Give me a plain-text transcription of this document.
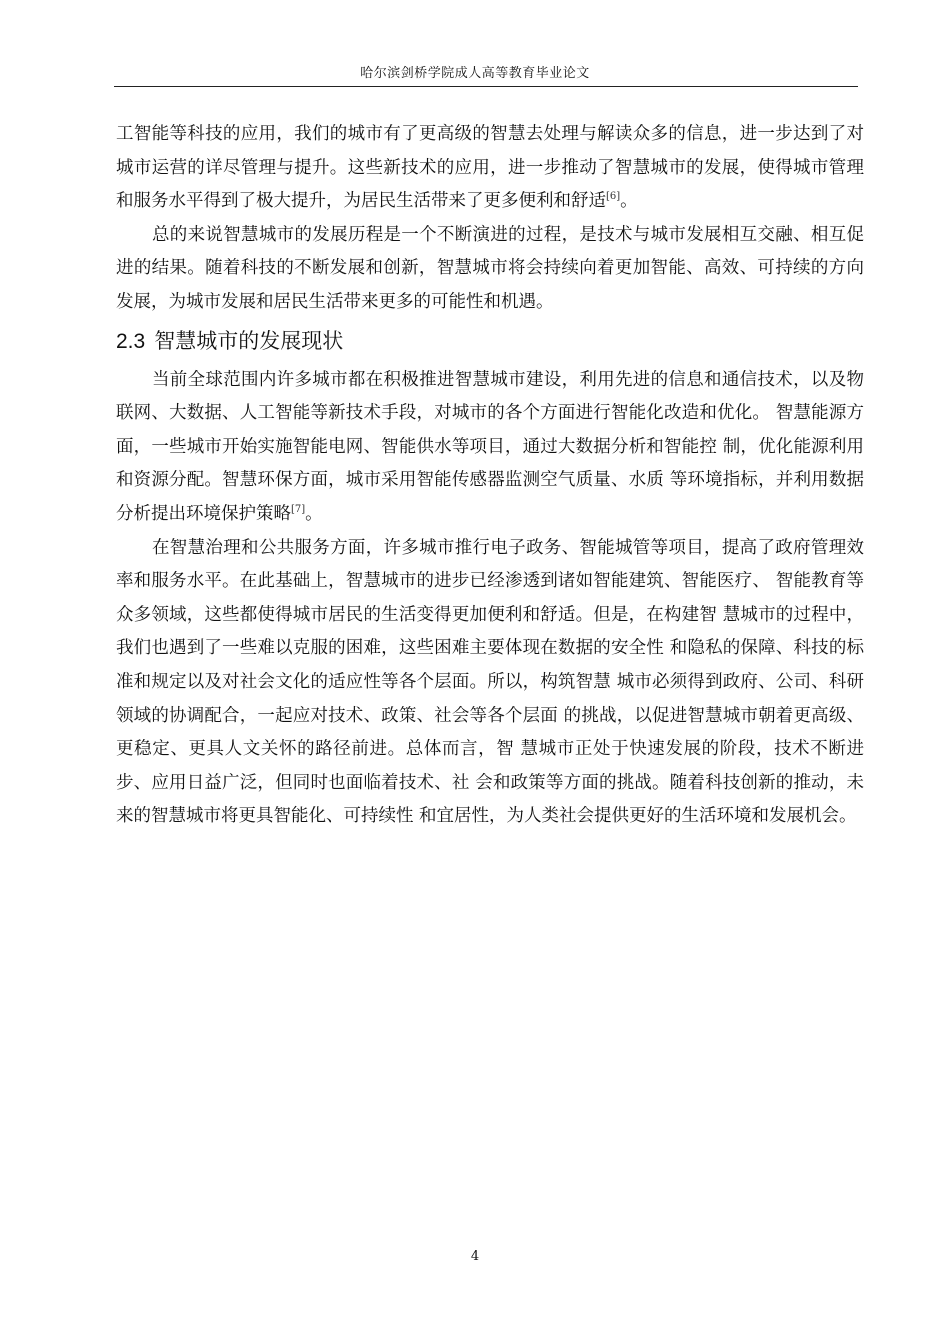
哈尔滨剑桥学院成人高等教育毕业论文

工智能等科技的应用，我们的城市有了更高级的智慧去处理与解读众多的信息，进一步达到了对城市运营的详尽管理与提升。这些新技术的应用，进一步推动了智慧城市的发展，使得城市管理和服务水平得到了极大提升，为居民生活带来了更多便利和舒适[6]。

总的来说智慧城市的发展历程是一个不断演进的过程，是技术与城市发展相互交融、相互促进的结果。随着科技的不断发展和创新，智慧城市将会持续向着更加智能、高效、可持续的方向发展，为城市发展和居民生活带来更多的可能性和机遇。

2.3 智慧城市的发展现状

当前全球范围内许多城市都在积极推进智慧城市建设，利用先进的信息和通信技术，以及物联网、大数据、人工智能等新技术手段，对城市的各个方面进行智能化改造和优化。 智慧能源方面，一些城市开始实施智能电网、智能供水等项目，通过大数据分析和智能控 制，优化能源利用和资源分配。智慧环保方面，城市采用智能传感器监测空气质量、水质 等环境指标，并利用数据分析提出环境保护策略[7]。

在智慧治理和公共服务方面，许多城市推行电子政务、智能城管等项目，提高了政府管理效率和服务水平。在此基础上，智慧城市的进步已经渗透到诸如智能建筑、智能医疗、 智能教育等众多领域，这些都使得城市居民的生活变得更加便利和舒适。但是，在构建智 慧城市的过程中，我们也遇到了一些难以克服的困难，这些困难主要体现在数据的安全性 和隐私的保障、科技的标准和规定以及对社会文化的适应性等各个层面。所以，构筑智慧 城市必须得到政府、公司、科研领域的协调配合，一起应对技术、政策、社会等各个层面 的挑战，以促进智慧城市朝着更高级、更稳定、更具人文关怀的路径前进。总体而言，智 慧城市正处于快速发展的阶段，技术不断进步、应用日益广泛，但同时也面临着技术、社 会和政策等方面的挑战。随着科技创新的推动，未来的智慧城市将更具智能化、可持续性 和宜居性，为人类社会提供更好的生活环境和发展机会。

4
